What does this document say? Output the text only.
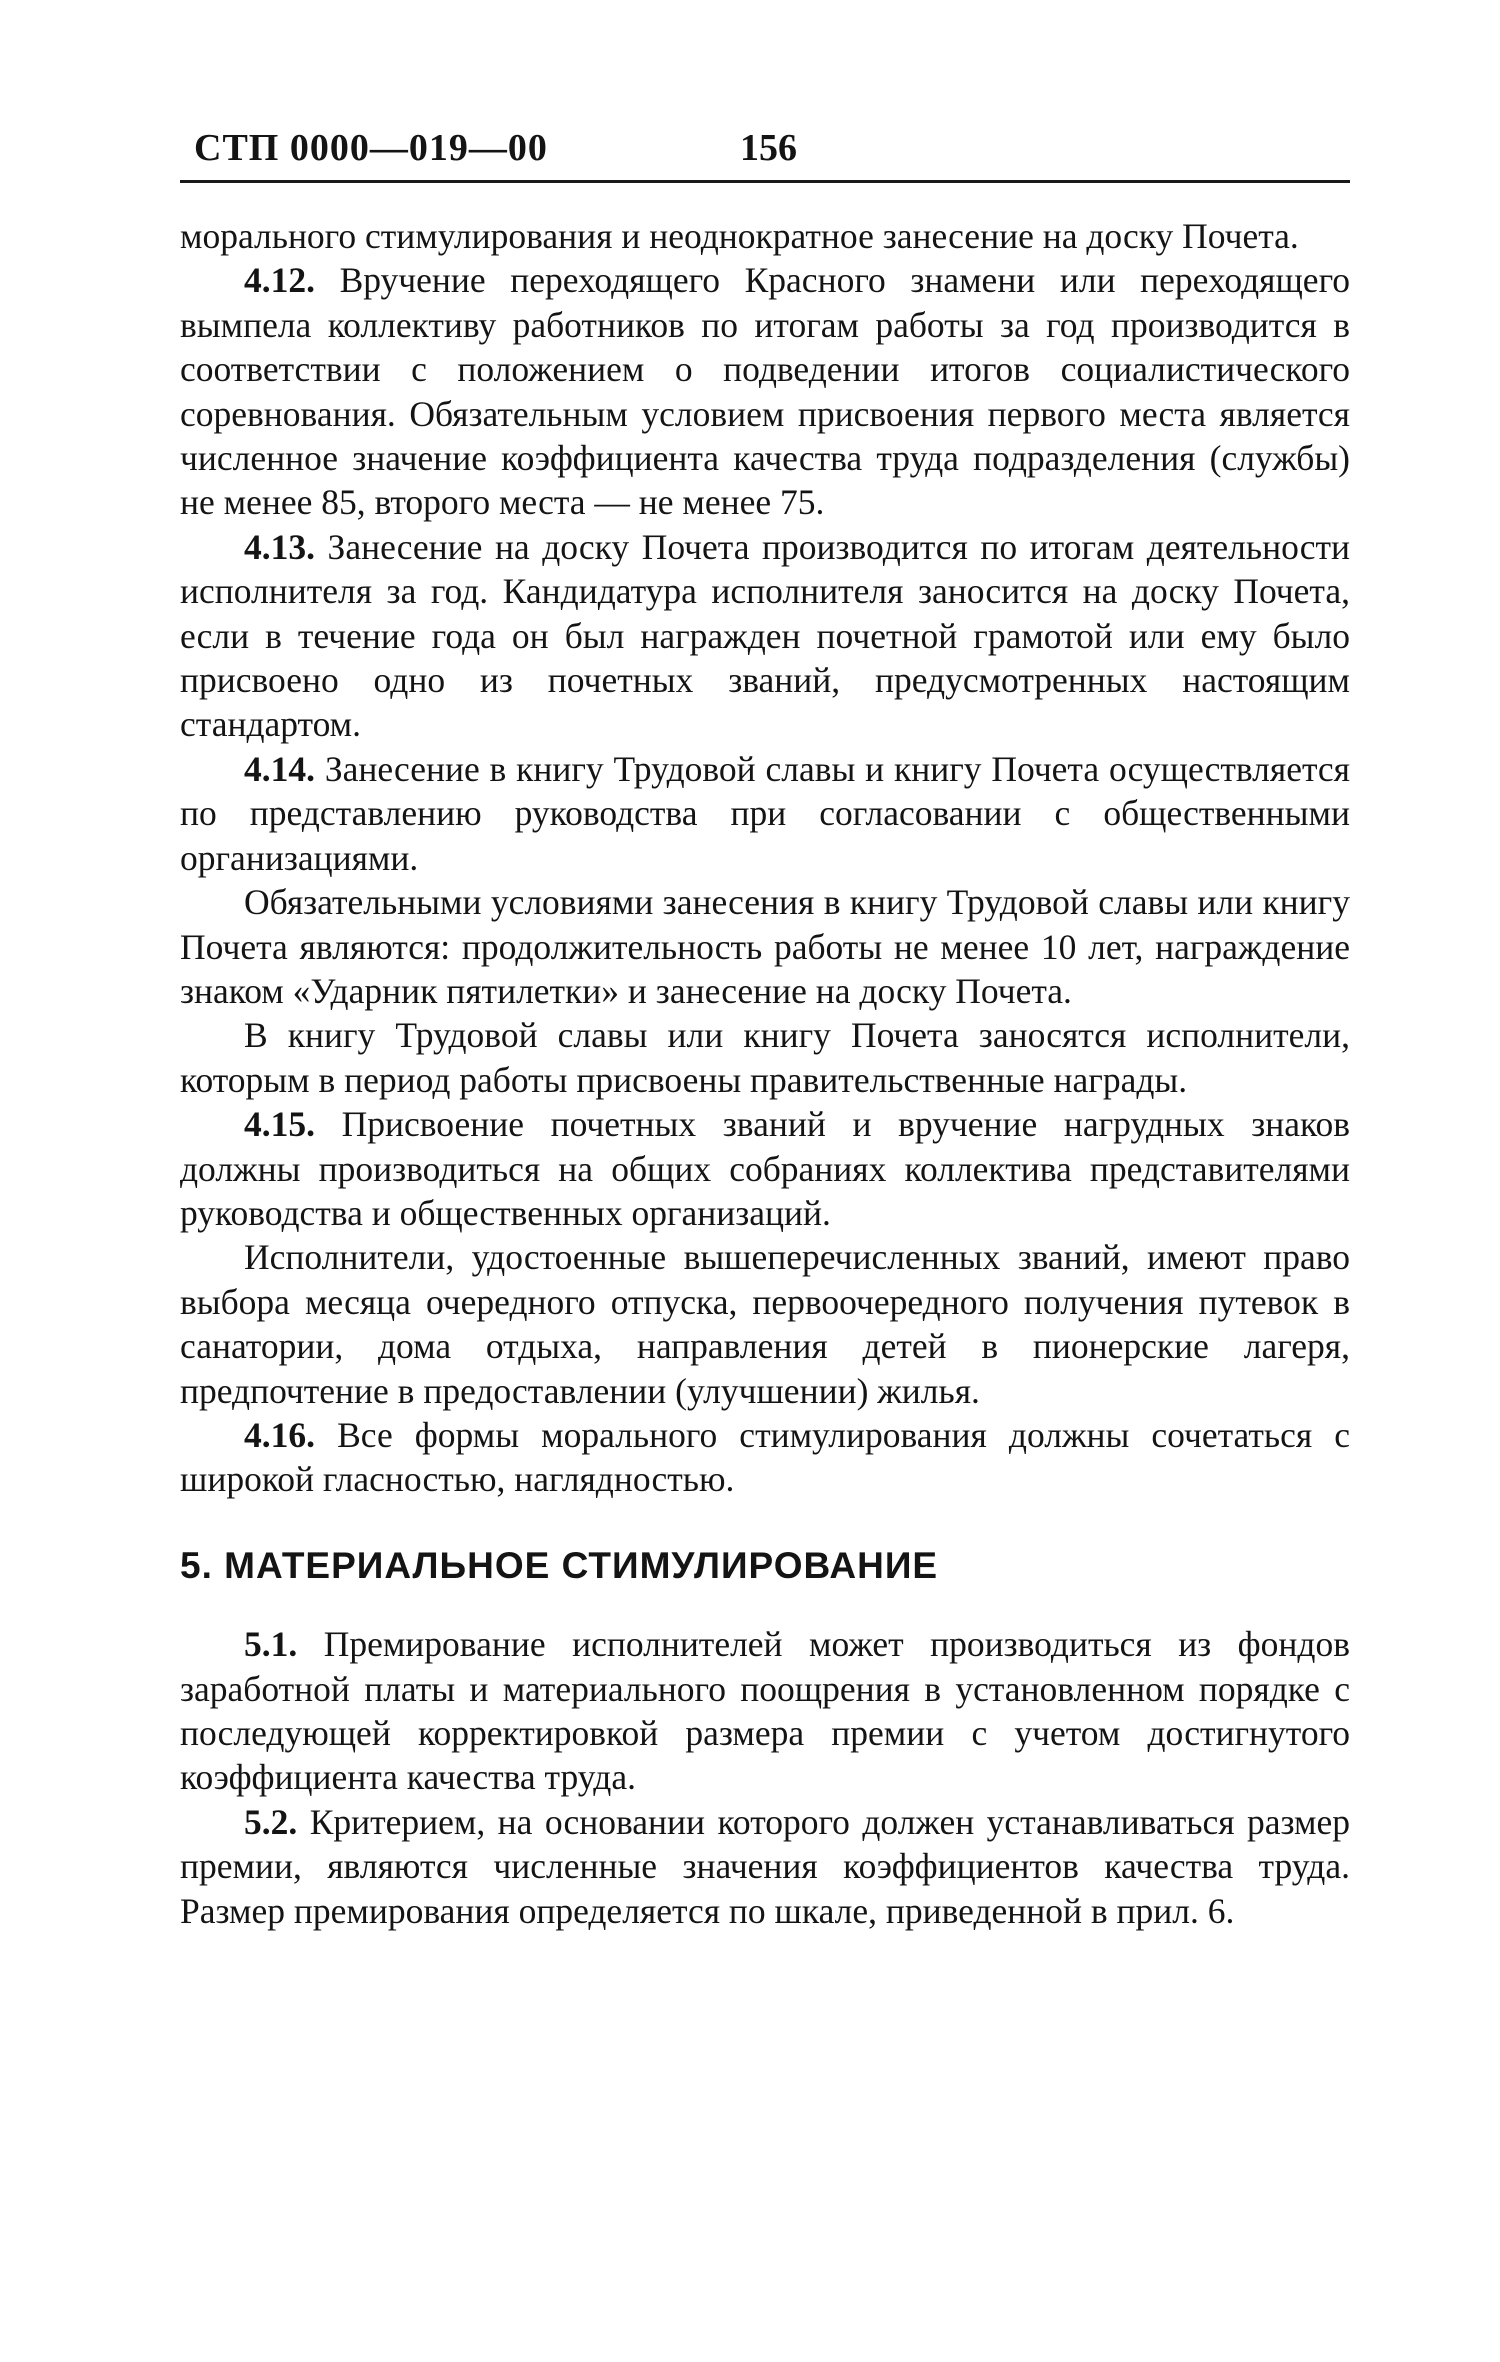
СТП 0000—019—00	156

морального стимулирования и неоднократное занесение на доску Почета.

4.12. Вручение переходящего Красного знамени или переходящего вымпела коллективу работников по итогам работы за год производится в соответствии с положением о подведении итогов социалистического соревнования. Обязательным условием присвоения первого места является численное значение коэффициента качества труда подразделения (службы) не менее 85, второго места — не менее 75.

4.13. Занесение на доску Почета производится по итогам деятельности исполнителя за год. Кандидатура исполнителя заносится на доску Почета, если в течение года он был награжден почетной грамотой или ему было присвоено одно из почетных званий, предусмотренных настоящим стандартом.

4.14. Занесение в книгу Трудовой славы и книгу Почета осуществляется по представлению руководства при согласовании с общественными организациями.

Обязательными условиями занесения в книгу Трудовой славы или книгу Почета являются: продолжительность работы не менее 10 лет, награждение знаком «Ударник пятилетки» и занесение на доску Почета.

В книгу Трудовой славы или книгу Почета заносятся исполнители, которым в период работы присвоены правительственные награды.

4.15. Присвоение почетных званий и вручение нагрудных знаков должны производиться на общих собраниях коллектива представителями руководства и общественных организаций.

Исполнители, удостоенные вышеперечисленных званий, имеют право выбора месяца очередного отпуска, первоочередного получения путевок в санатории, дома отдыха, направления детей в пионерские лагеря, предпочтение в предоставлении (улучшении) жилья.

4.16. Все формы морального стимулирования должны сочетаться с широкой гласностью, наглядностью.

5. МАТЕРИАЛЬНОЕ СТИМУЛИРОВАНИЕ

5.1. Премирование исполнителей может производиться из фондов заработной платы и материального поощрения в установленном порядке с последующей корректировкой размера премии с учетом достигнутого коэффициента качества труда.

5.2. Критерием, на основании которого должен устанавливаться размер премии, являются численные значения коэффициентов качества труда. Размер премирования определяется по шкале, приведенной в прил. 6.
